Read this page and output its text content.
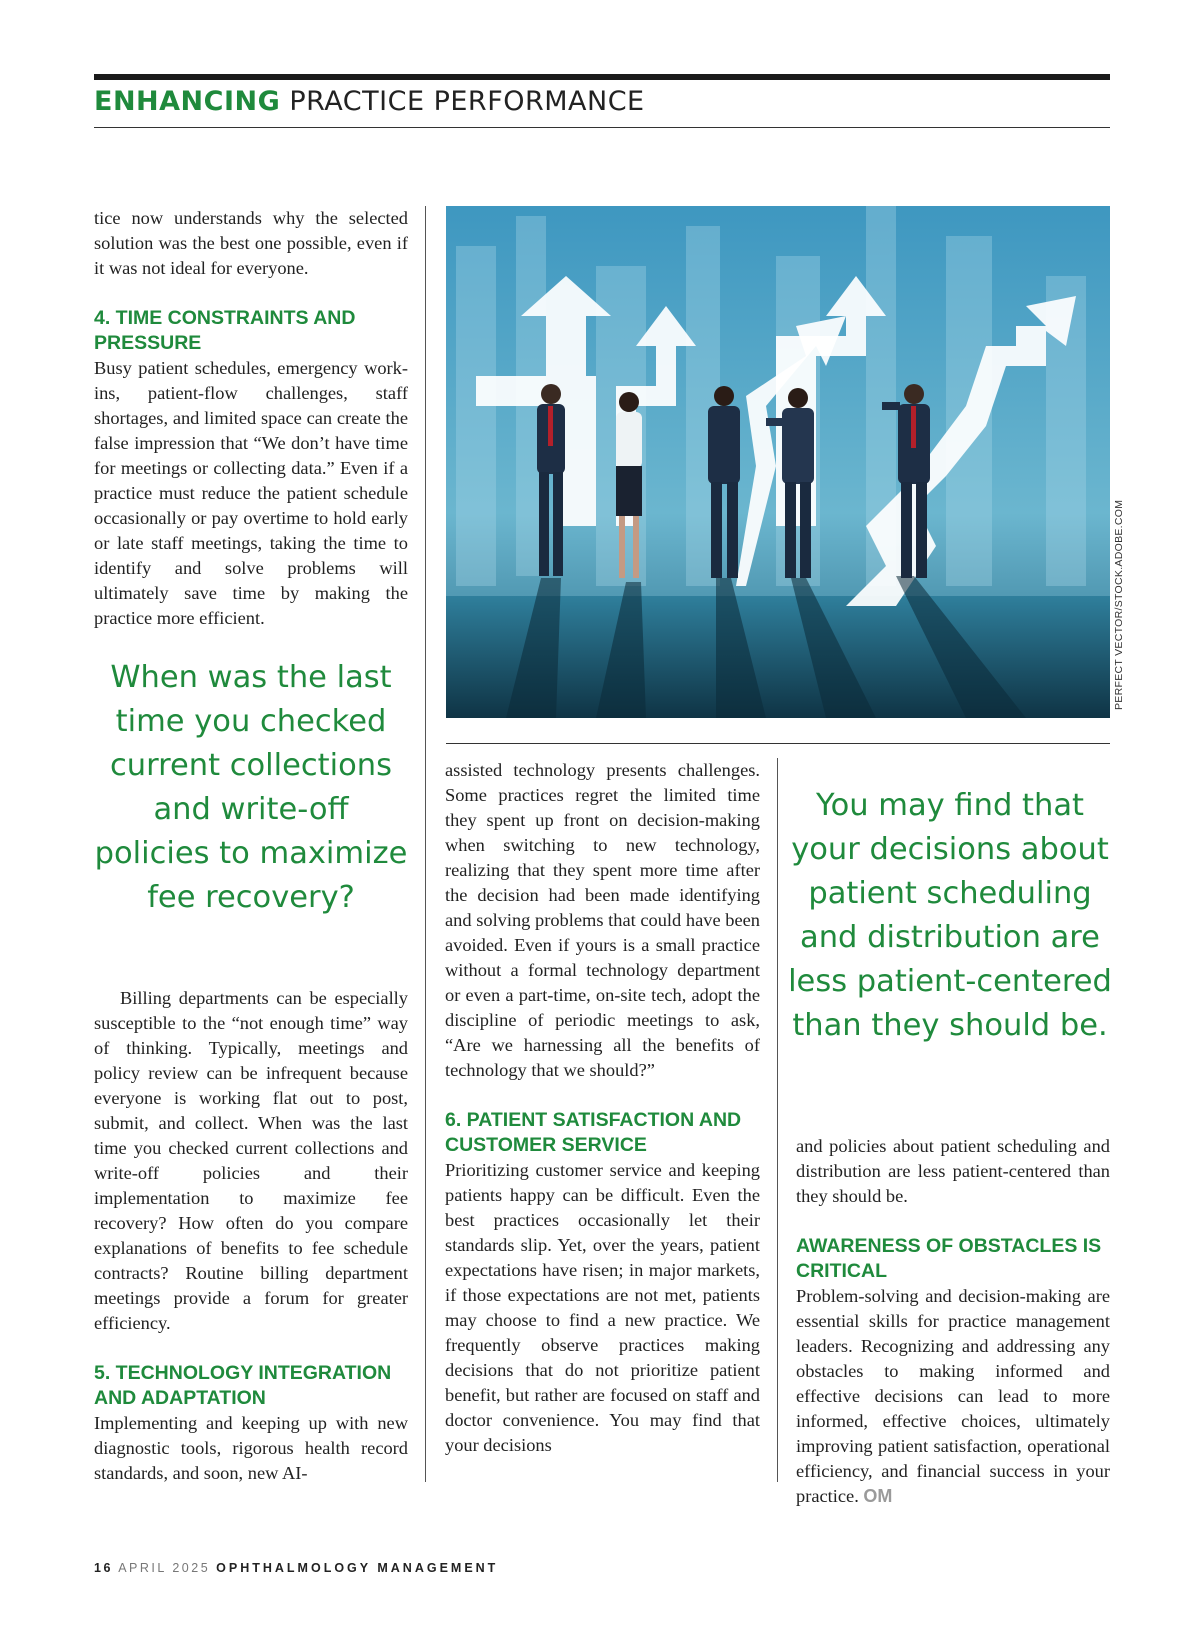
ENHANCING PRACTICE PERFORMANCE

tice now understands why the selected solution was the best one possible, even if it was not ideal for everyone.

4. TIME CONSTRAINTS AND PRESSURE

Busy patient schedules, emergency work-ins, patient-flow challenges, staff shortages, and limited space can create the false impression that “We don’t have time for meetings or collecting data.” Even if a practice must reduce the patient schedule occasionally or pay overtime to hold early or late staff meetings, taking the time to identify and solve problems will ultimately save time by making the practice more efficient.

When was the last time you checked current collections and write-off policies to maximize fee recovery?

Billing departments can be especially susceptible to the “not enough time” way of thinking. Typically, meetings and policy review can be infrequent because everyone is working flat out to post, submit, and collect. When was the last time you checked current collections and write-off policies and their implementation to maximize fee recovery? How often do you compare explanations of benefits to fee schedule contracts? Routine billing department meetings provide a forum for greater efficiency.

5. TECHNOLOGY INTEGRATION AND ADAPTATION

Implementing and keeping up with new diagnostic tools, rigorous health record standards, and soon, new AI-

PERFECT VECTOR/STOCK.ADOBE.COM

assisted technology presents challenges. Some practices regret the limited time they spent up front on decision-making when switching to new technology, realizing that they spent more time after the decision had been made identifying and solving problems that could have been avoided. Even if yours is a small practice without a formal technology department or even a part-time, on-site tech, adopt the discipline of periodic meetings to ask, “Are we harnessing all the benefits of technology that we should?”

6. PATIENT SATISFACTION AND CUSTOMER SERVICE

Prioritizing customer service and keeping patients happy can be difficult. Even the best practices occasionally let their standards slip. Yet, over the years, patient expectations have risen; in major markets, if those expectations are not met, patients may choose to find a new practice. We frequently observe practices making decisions that do not prioritize patient benefit, but rather are focused on staff and doctor convenience. You may find that your decisions

You may find that your decisions about patient scheduling and distribution are less patient-centered than they should be.

and policies about patient scheduling and distribution are less patient-centered than they should be.

AWARENESS OF OBSTACLES IS CRITICAL

Problem-solving and decision-making are essential skills for practice management leaders. Recognizing and addressing any obstacles to making informed and effective decisions can lead to more informed, effective choices, ultimately improving patient satisfaction, operational efficiency, and financial success in your practice. OM

16 APRIL 2025 OPHTHALMOLOGY MANAGEMENT
